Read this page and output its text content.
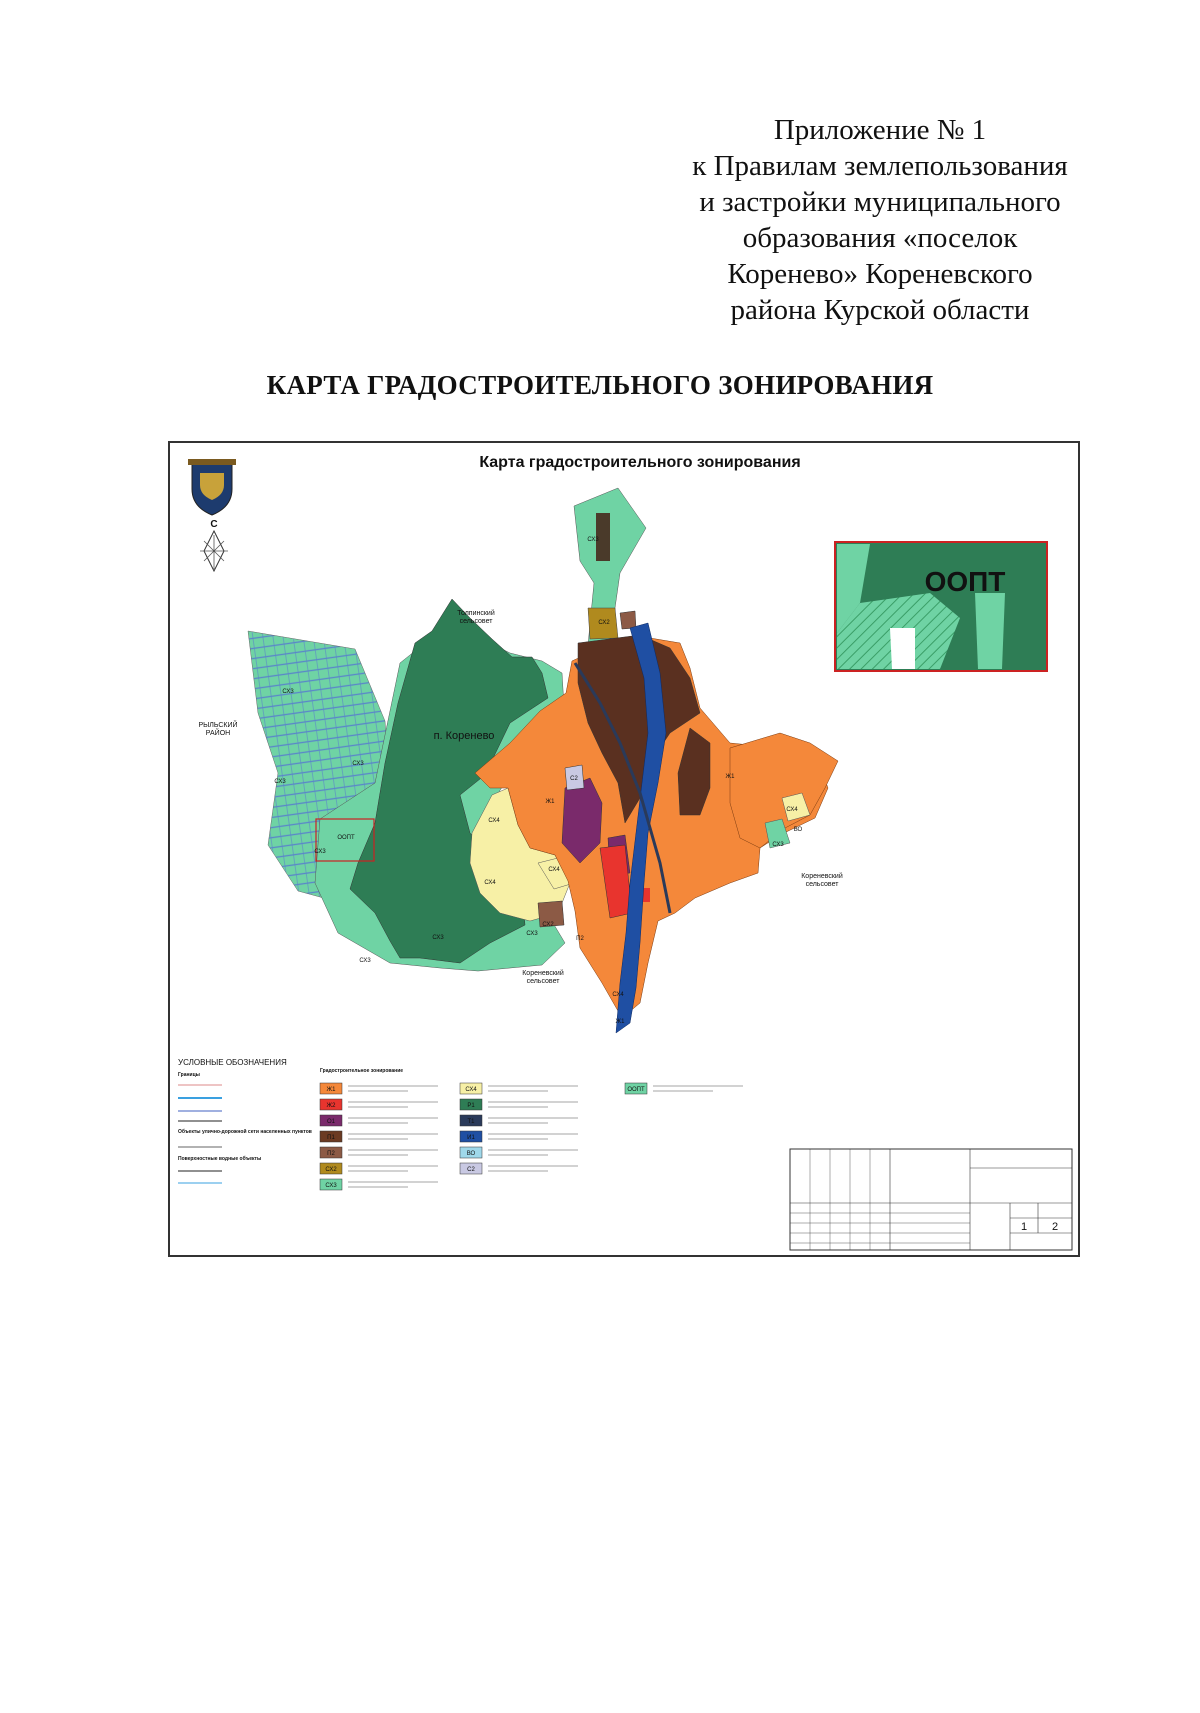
Приложение № 1
к Правилам землепользования
и застройки муниципального
образования «поселок
Коренево» Кореневского
района Курской области
КАРТА ГРАДОСТРОИТЕЛЬНОГО ЗОНИРОВАНИЯ
Карта градостроительного зонирования
С
ООПТ
Толпинский
сельсовет
РЫЛЬСКИЙ
РАЙОН
Кореневский
сельсовет
Кореневский
сельсовет
п. Коренево
СХ3
СХ3
СХ3
СХ3
СХ3
СХ3
СХ3
СХ3
СХ3
СХ2
СХ2
СХ4
СХ4
СХ4
СХ4
СХ4
Ж1
Ж1
Ж1
П2
С2
ВО
ООПТ
УСЛОВНЫЕ ОБОЗНАЧЕНИЯ
Границы
Объекты улично-дорожной сети населенных пунктов
Поверхностные водные объекты
Градостроительное зонирование
Ж1
Ж2
О1
П1
П2
СХ2
СХ3
СХ4
Р1
Т1
И1
ВО
С2
ООПТ
1 2
